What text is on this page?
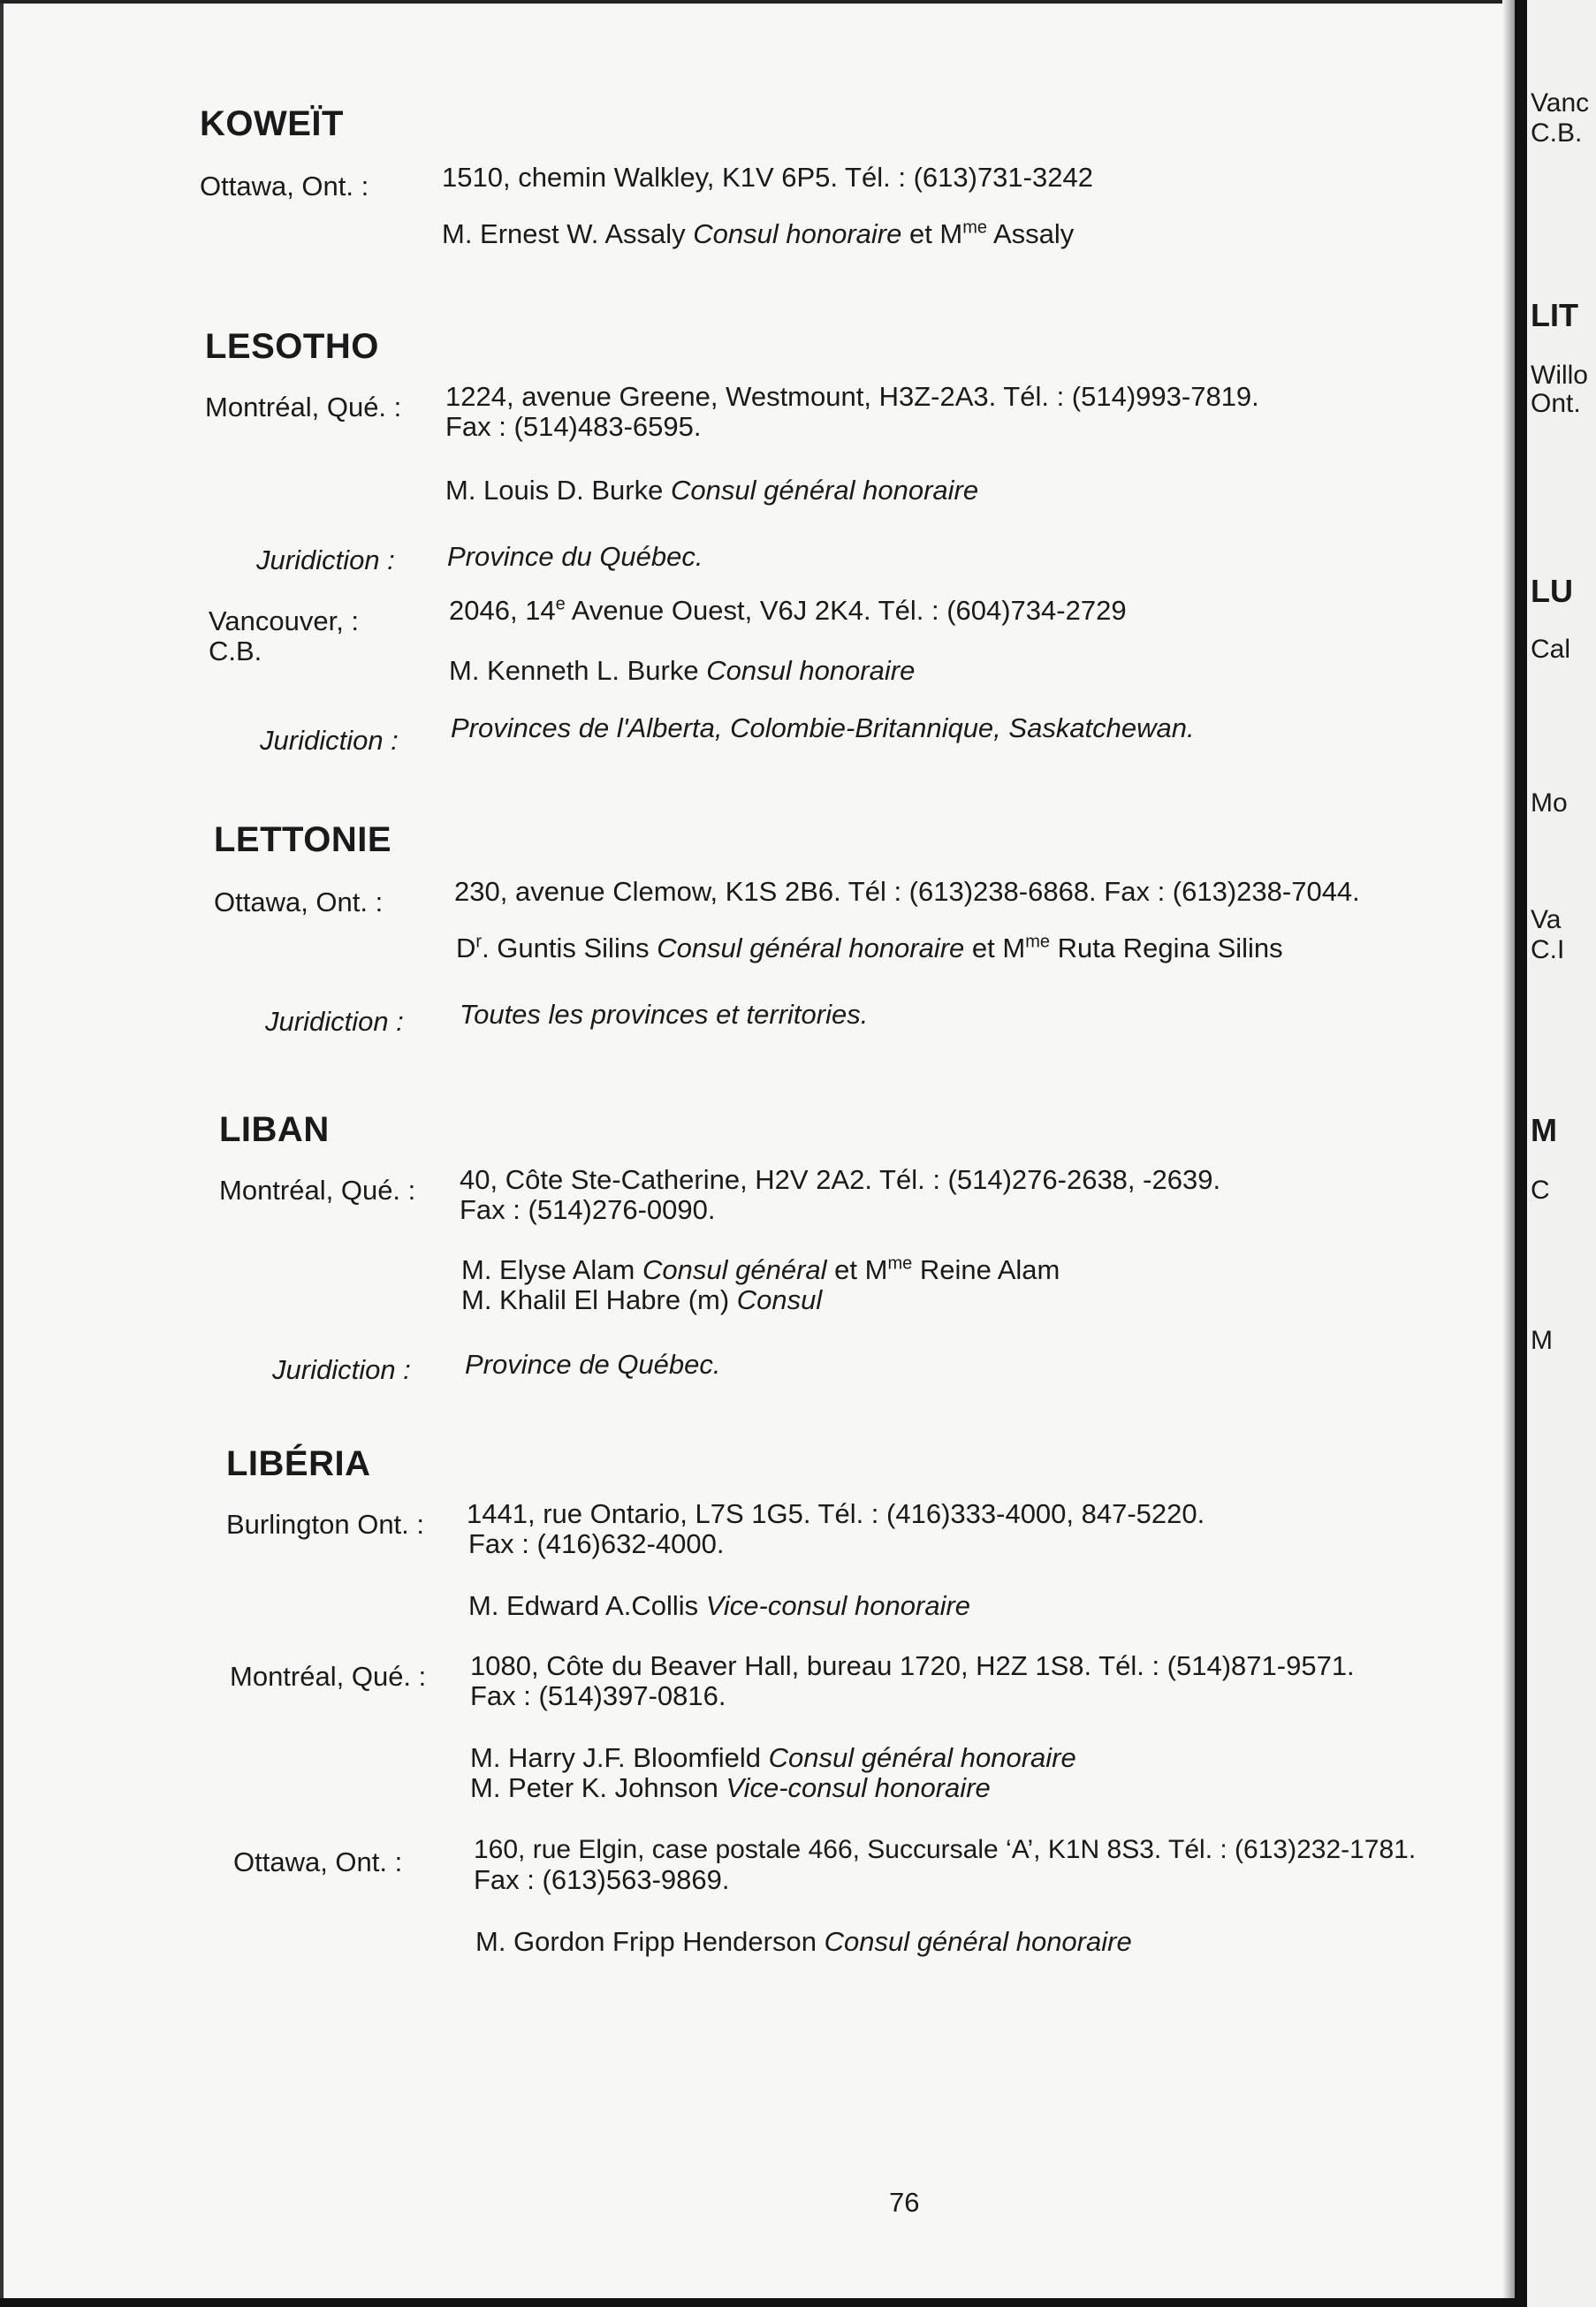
KOWEÏT
Ottawa, Ont. :	1510, chemin Walkley, K1V 6P5. Tél. : (613)731-3242
M. Ernest W. Assaly Consul honoraire et $M^{me}$ Assaly
LESOTHO
Montréal, Qué. : 1224, avenue Greene, Westmount, H3Z-2A3. Tél. : (514)993-7819.
Fax : (514)483-6595.
M. Louis D. Burke Consul général honoraire
Juridiction : Province du Québec.
Vancouver, :
C.B.
2046, 14e Avenue Ouest, V6J 2K4. Tél. : (604)734-2729
M. Kenneth L. Burke Consul honoraire
Juridiction : Provinces de l'Alberta, Colombie-Britannique, Saskatchewan.
LETTONIE
Ottawa, Ont. :	230, avenue Clemow, K1S 2B6. Tél : (613)238-6868. Fax : (613)238-7044.
$D^r$. Guntis Silins Consul général honoraire et $M^{me}$ Ruta Regina Silins
Juridiction : Toutes les provinces et territories.
LIBAN
Montréal, Qué. : 40, Côte Ste-Catherine, H2V 2A2. Tél. : (514)276-2638, -2639.
Fax : (514)276-0090.
M. Elyse Alam Consul général et $M^{me}$ Reine Alam
M. Khalil El Habre (m) Consul
Juridiction : Province de Québec.
LIBÉRIA
Burlington Ont. : 1441, rue Ontario, L7S 1G5. Tél. : (416)333-4000, 847-5220.
Fax : (416)632-4000.
M. Edward A.Collis Vice-consul honoraire
Montréal, Qué. : 1080, Côte du Beaver Hall, bureau 1720, H2Z 1S8. Tél. : (514)871-9571.
Fax : (514)397-0816.
M. Harry J.F. Bloomfield Consul général honoraire
M. Peter K. Johnson Vice-consul honoraire
Ottawa, Ont. :	160, rue Elgin, case postale 466, Succursale ‘A’, K1N 8S3. Tél. : (613)232-1781.
Fax : (613)563-9869.
M. Gordon Fripp Henderson Consul général honoraire
76
Vanc
C.B.
LIT
Willo
Ont.
LU
Cal
Mo
Va
C.I
M
C
M
